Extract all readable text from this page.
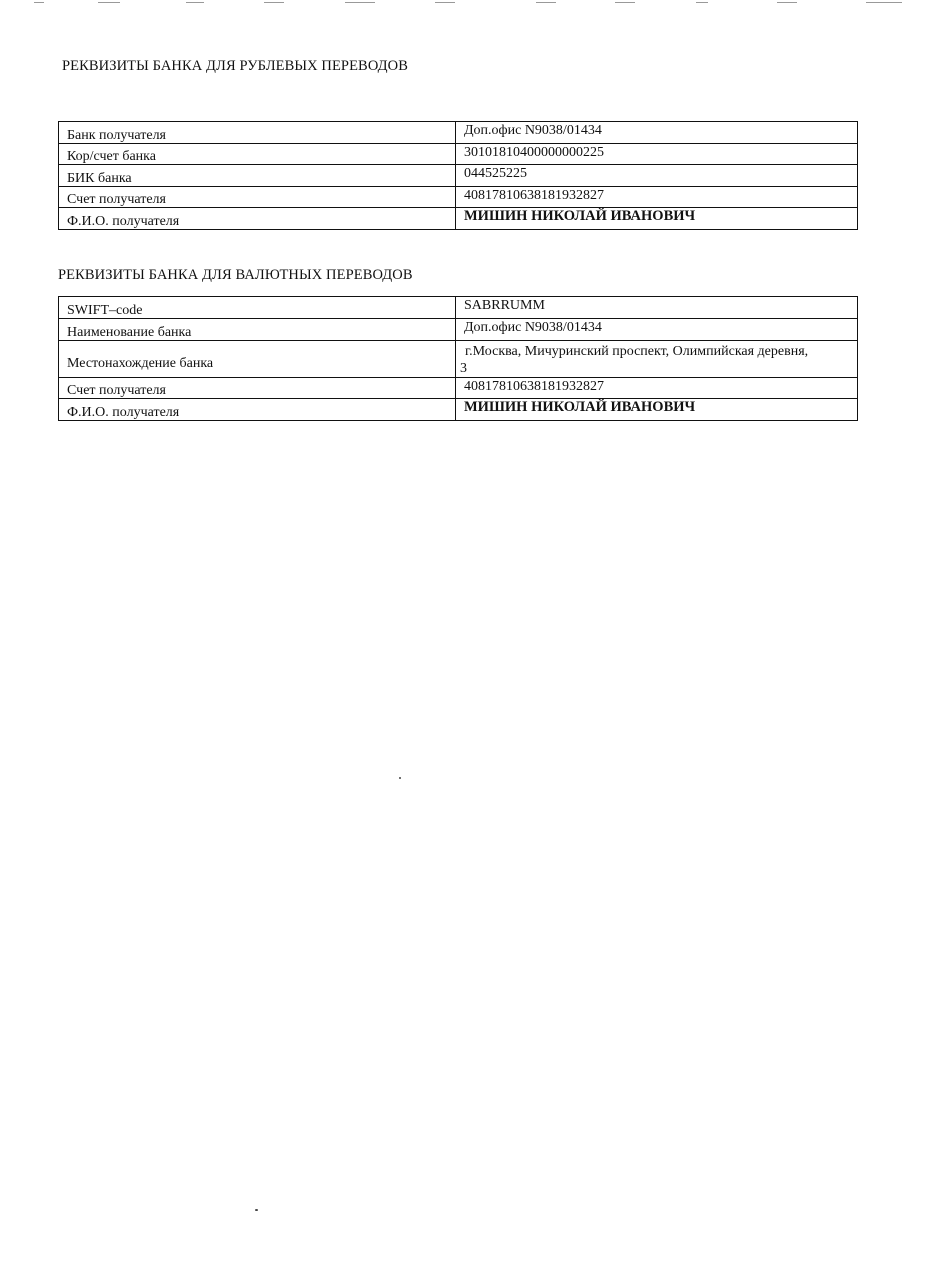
РЕКВИЗИТЫ БАНКА ДЛЯ РУБЛЕВЫХ ПЕРЕВОДОВ
Банк получателя	Доп.офис N9038/01434
Кор/счет банка	30101810400000000225
БИК банка	044525225
Счет получателя	40817810638181932827
Ф.И.О. получателя	МИШИН НИКОЛАЙ ИВАНОВИЧ
РЕКВИЗИТЫ БАНКА ДЛЯ ВАЛЮТНЫХ ПЕРЕВОДОВ
SWIFT–code	SABRRUMM
Наименование банка	Доп.офис N9038/01434
Местонахождение банка	г.Москва, Мичуринский проспект, Олимпийская деревня,
3

Счет получателя	40817810638181932827
Ф.И.О. получателя	МИШИН НИКОЛАЙ ИВАНОВИЧ
